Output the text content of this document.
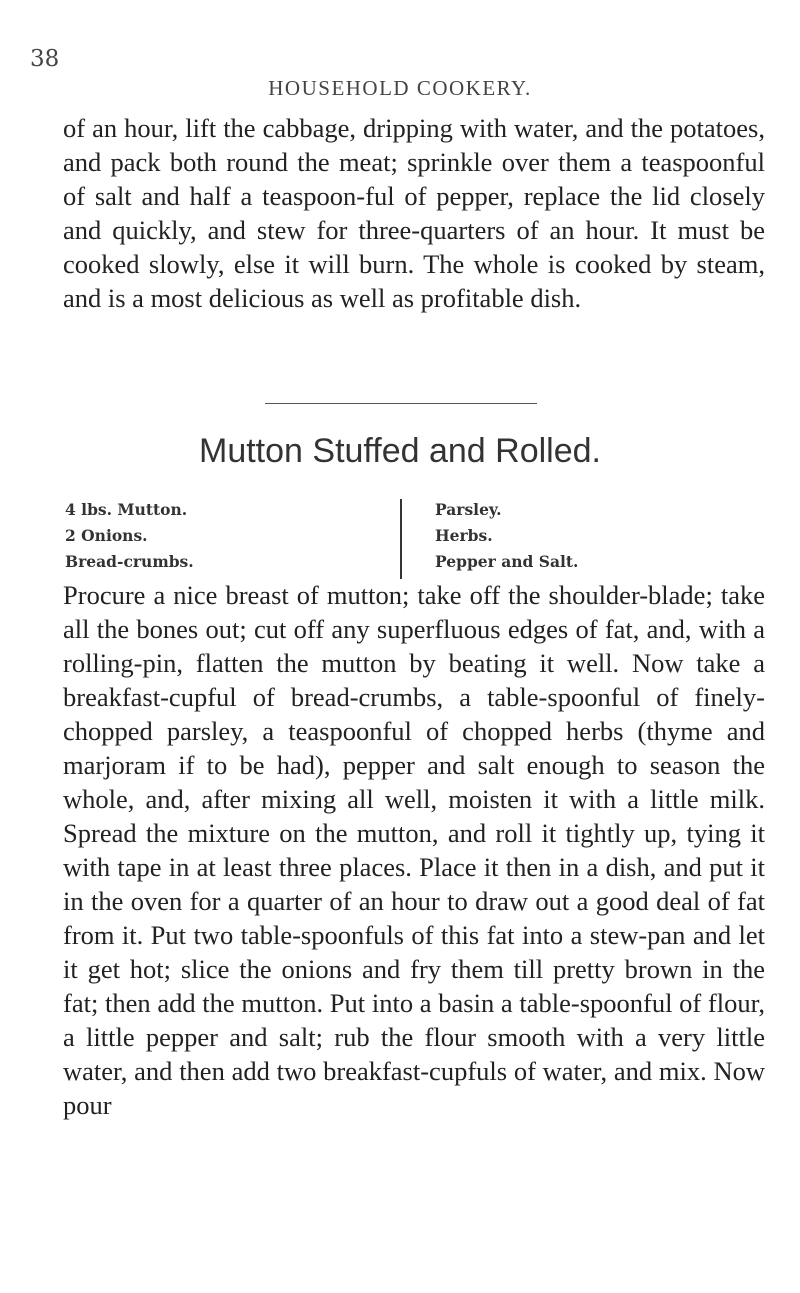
38
HOUSEHOLD COOKERY.

of an hour, lift the cabbage, dripping with water, and the potatoes, and pack both round the meat; sprinkle over them a teaspoonful of salt and half a teaspoon-ful of pepper, replace the lid closely and quickly, and stew for three-quarters of an hour. It must be cooked slowly, else it will burn. The whole is cooked by steam, and is a most delicious as well as profitable dish.

Mutton Stuffed and Rolled.
4 lbs. Mutton.
2 Onions.
Bread-crumbs.
Parsley.
Herbs.
Pepper and Salt.

Procure a nice breast of mutton; take off the shoulder-blade; take all the bones out; cut off any superfluous edges of fat, and, with a rolling-pin, flatten the mutton by beating it well. Now take a breakfast-cupful of bread-crumbs, a table-spoonful of finely-chopped parsley, a teaspoonful of chopped herbs (thyme and marjoram if to be had), pepper and salt enough to season the whole, and, after mixing all well, moisten it with a little milk. Spread the mixture on the mutton, and roll it tightly up, tying it with tape in at least three places. Place it then in a dish, and put it in the oven for a quarter of an hour to draw out a good deal of fat from it. Put two table-spoonfuls of this fat into a stew-pan and let it get hot; slice the onions and fry them till pretty brown in the fat; then add the mutton. Put into a basin a table-spoonful of flour, a little pepper and salt; rub the flour smooth with a very little water, and then add two breakfast-cupfuls of water, and mix. Now pour
